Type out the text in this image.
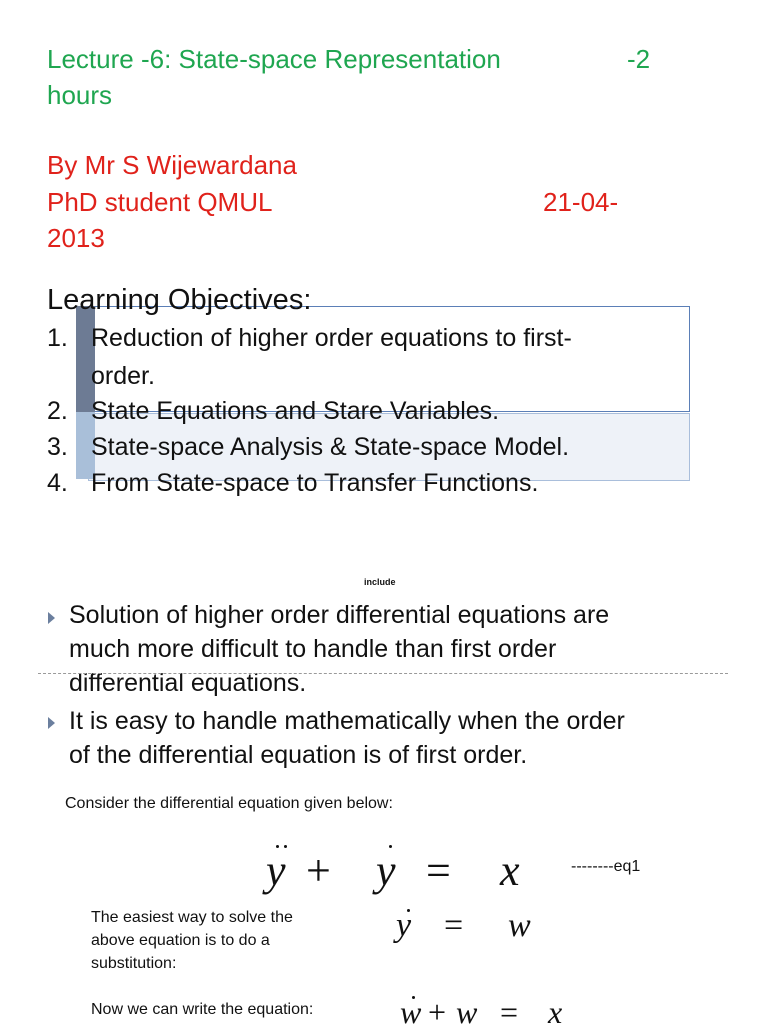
Lecture -6: State-space Representation	-2
hours
By Mr S Wijewardana
PhD student QMUL	21-04-
2013
Learning Objectives:
1. Reduction of higher order equations to first-
order.
2. State Equations and Stare Variables.
3. State-space Analysis & State-space Model.
4. From State-space to Transfer Functions.
include
Solution of higher order differential equations are
much more difficult to handle than first order
differential equations.
It is easy to handle mathematically when the order
of the differential equation is of first order.
Consider the differential equation given below:
y + y = x	--------eq1
The easiest way to solve the
above equation is to do a
substitution:
y = w
Now we can write the equation:	w + w = x
